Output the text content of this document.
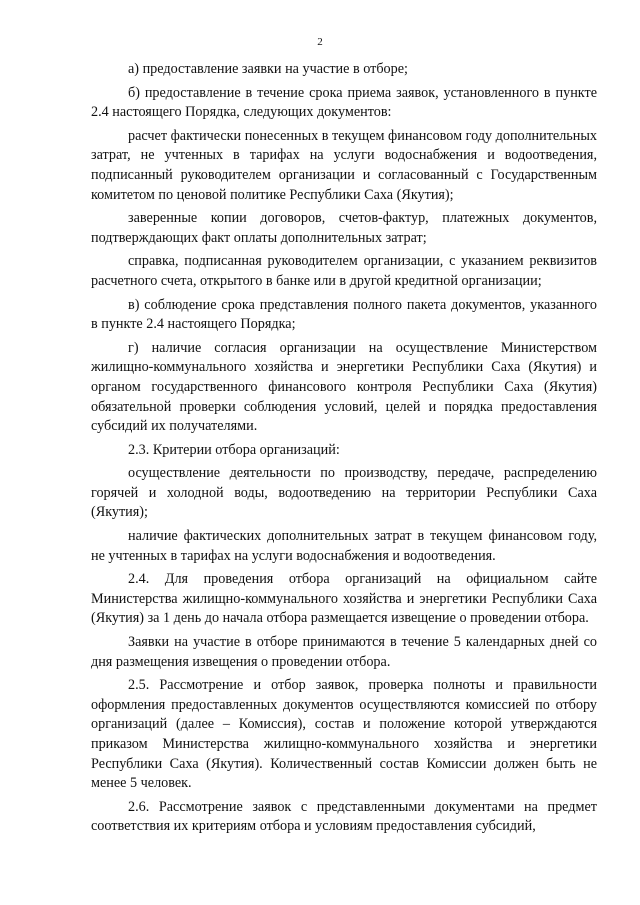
2

а) предоставление заявки на участие в отборе;

б) предоставление в течение срока приема заявок, установленного в пункте 2.4 настоящего Порядка, следующих документов:

расчет фактически понесенных в текущем финансовом году дополнительных затрат, не учтенных в тарифах на услуги водоснабжения и водоотведения, подписанный руководителем организации и согласованный с Государственным комитетом по ценовой политике Республики Саха (Якутия);

заверенные копии договоров, счетов-фактур, платежных документов, подтверждающих факт оплаты дополнительных затрат;

справка, подписанная руководителем организации, с указанием реквизитов расчетного счета, открытого в банке или в другой кредитной организации;

в) соблюдение срока представления полного пакета документов, указанного в пункте 2.4 настоящего Порядка;

г) наличие согласия организации на осуществление Министерством жилищно-коммунального хозяйства и энергетики Республики Саха (Якутия) и органом государственного финансового контроля Республики Саха (Якутия) обязательной проверки соблюдения условий, целей и порядка предоставления субсидий их получателями.

2.3. Критерии отбора организаций:

осуществление деятельности по производству, передаче, распределению горячей и холодной воды, водоотведению на территории Республики Саха (Якутия);

наличие фактических дополнительных затрат в текущем финансовом году, не учтенных в тарифах на услуги водоснабжения и водоотведения.

2.4. Для проведения отбора организаций на официальном сайте Министерства жилищно-коммунального хозяйства и энергетики Республики Саха (Якутия) за 1 день до начала отбора размещается извещение о проведении отбора.

Заявки на участие в отборе принимаются в течение 5 календарных дней со дня размещения извещения о проведении отбора.

2.5. Рассмотрение и отбор заявок, проверка полноты и правильности оформления предоставленных документов осуществляются комиссией по отбору организаций (далее – Комиссия), состав и положение которой утверждаются приказом Министерства жилищно-коммунального хозяйства и энергетики Республики Саха (Якутия). Количественный состав Комиссии должен быть не менее 5 человек.

2.6. Рассмотрение заявок с представленными документами на предмет соответствия их критериям отбора и условиям предоставления субсидий,
